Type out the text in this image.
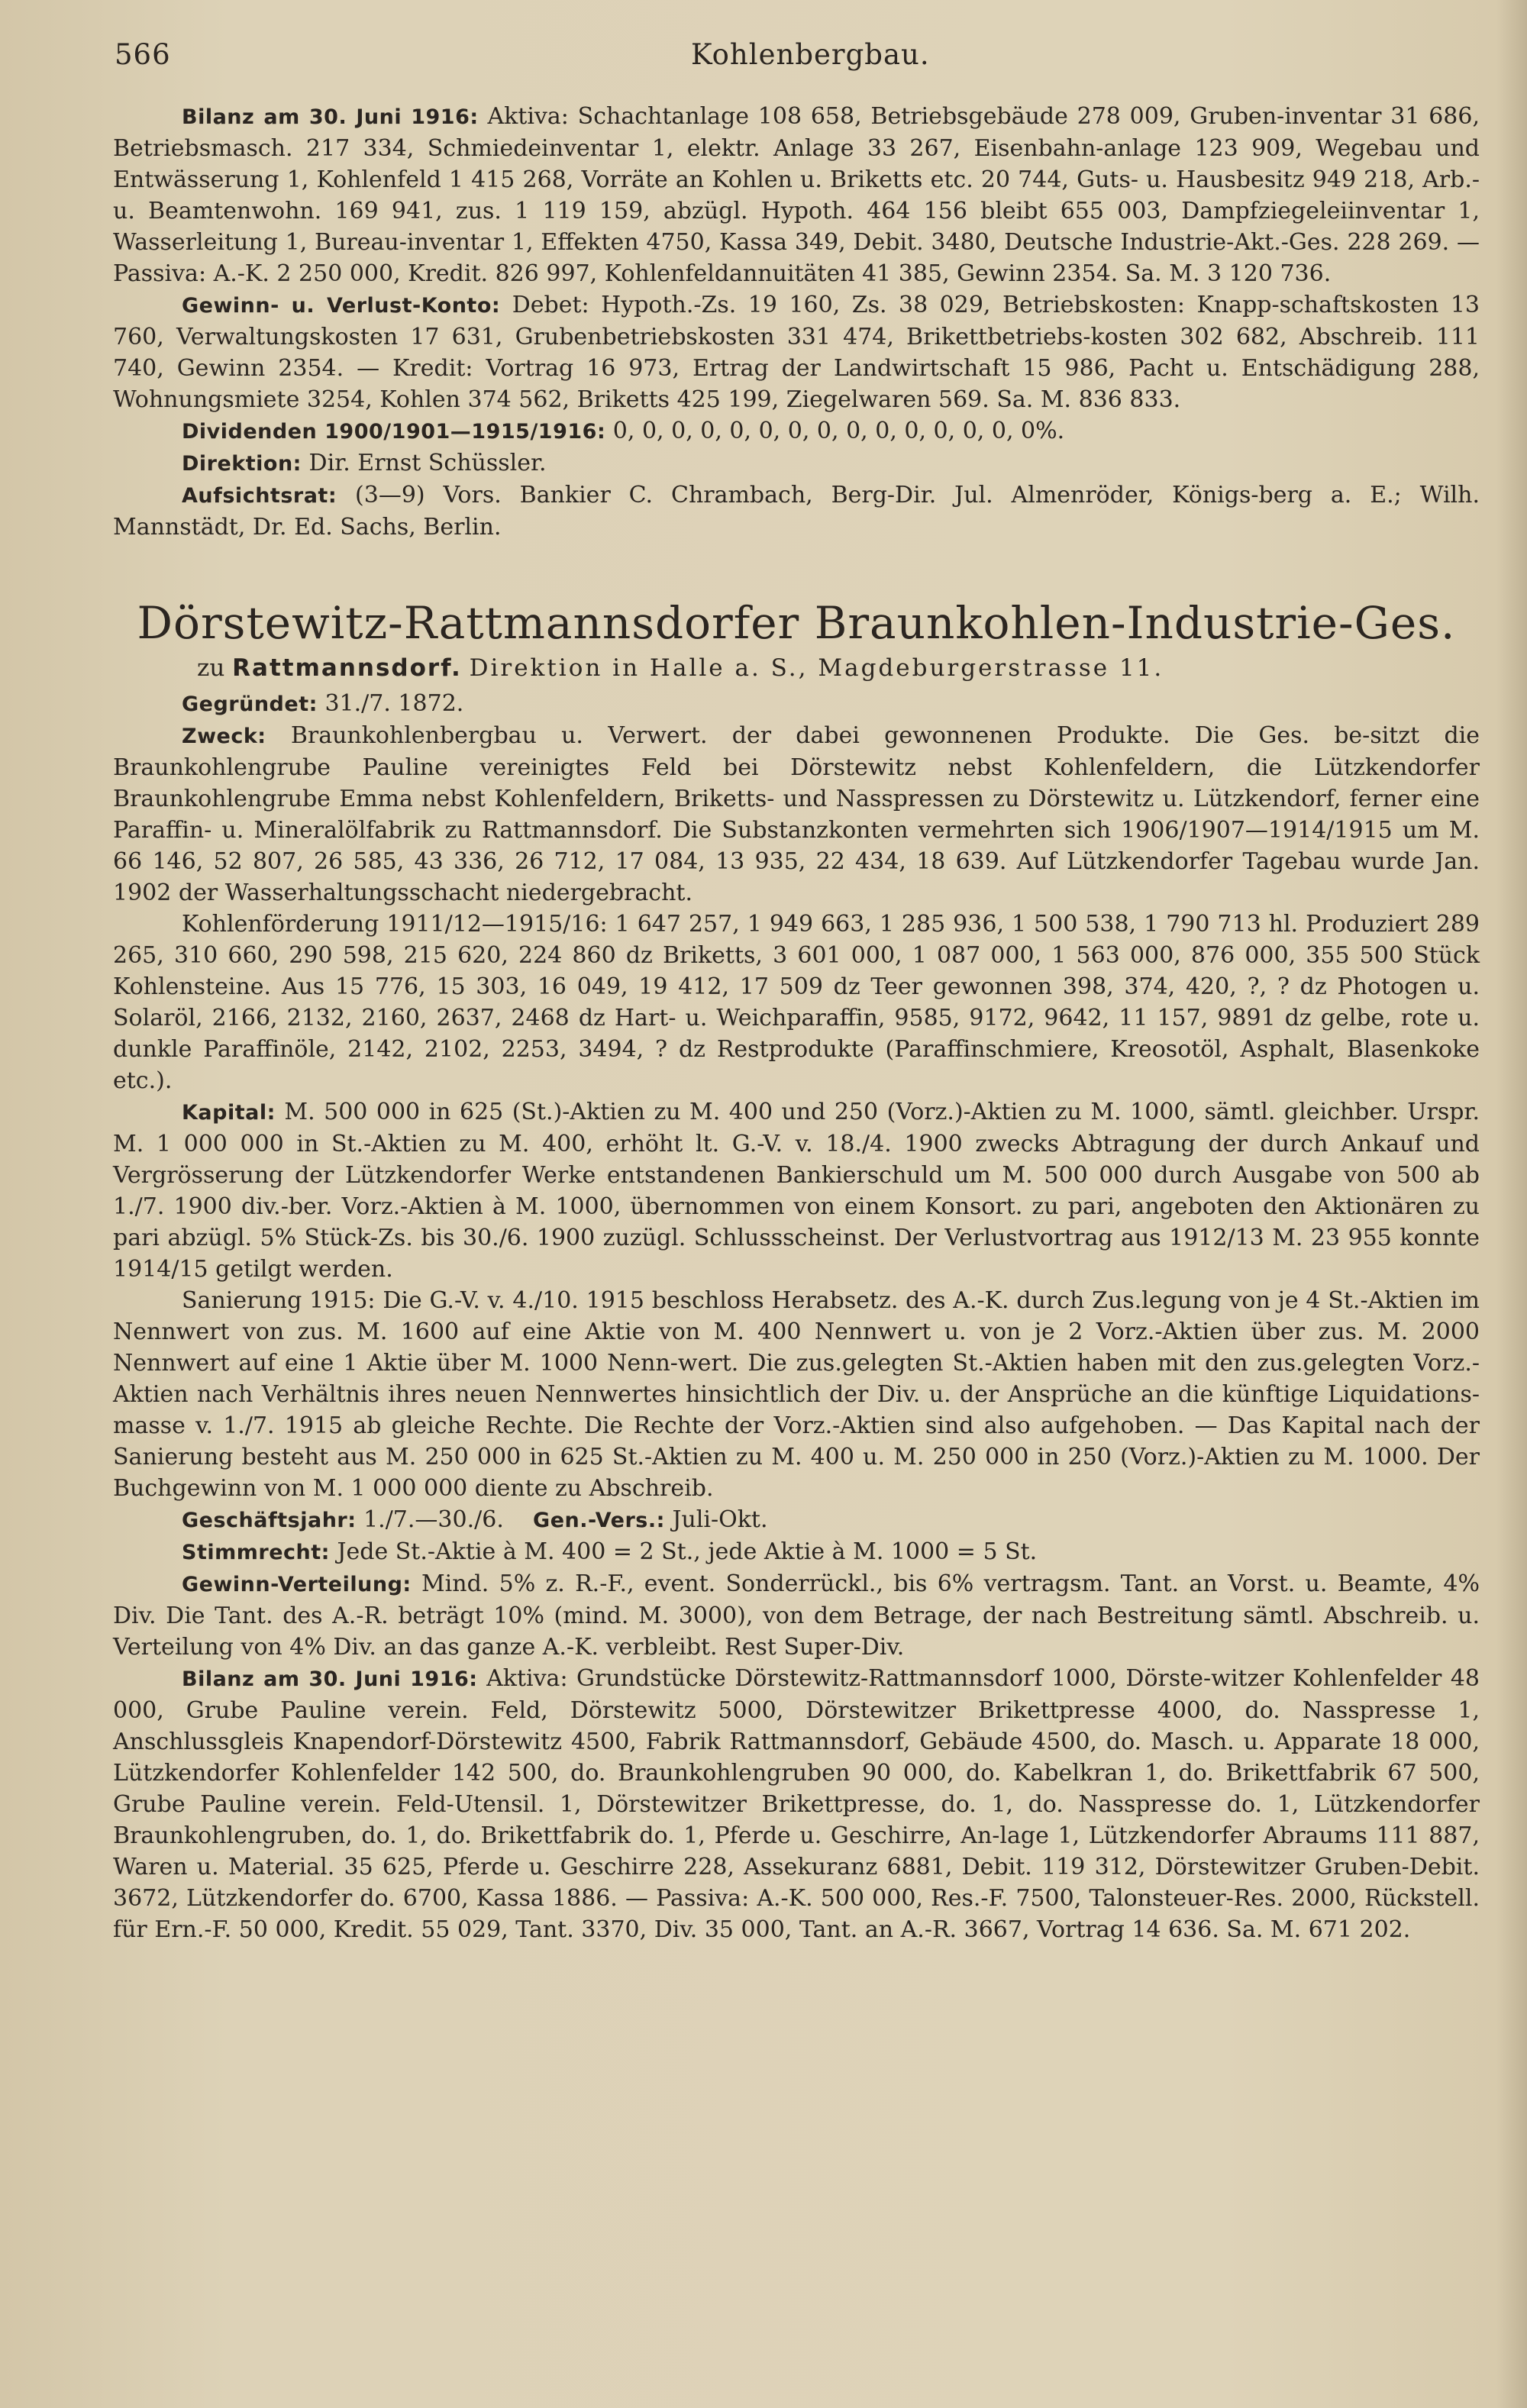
566	Kohlenbergbau.

Bilanz am 30. Juni 1916: Aktiva: Schachtanlage 108 658, Betriebsgebäude 278 009, Gruben-inventar 31 686, Betriebsmasch. 217 334, Schmiedeinventar 1, elektr. Anlage 33 267, Eisenbahn-anlage 123 909, Wegebau und Entwässerung 1, Kohlenfeld 1 415 268, Vorräte an Kohlen u. Briketts etc. 20 744, Guts- u. Hausbesitz 949 218, Arb.- u. Beamtenwohn. 169 941, zus. 1 119 159, abzügl. Hypoth. 464 156 bleibt 655 003, Dampfziegeleiinventar 1, Wasserleitung 1, Bureau-inventar 1, Effekten 4750, Kassa 349, Debit. 3480, Deutsche Industrie-Akt.-Ges. 228 269. — Passiva: A.-K. 2 250 000, Kredit. 826 997, Kohlenfeldannuitäten 41 385, Gewinn 2354. Sa. M. 3 120 736.

Gewinn- u. Verlust-Konto: Debet: Hypoth.-Zs. 19 160, Zs. 38 029, Betriebskosten: Knapp-schaftskosten 13 760, Verwaltungskosten 17 631, Grubenbetriebskosten 331 474, Brikettbetriebs-kosten 302 682, Abschreib. 111 740, Gewinn 2354. — Kredit: Vortrag 16 973, Ertrag der Landwirtschaft 15 986, Pacht u. Entschädigung 288, Wohnungsmiete 3254, Kohlen 374 562, Briketts 425 199, Ziegelwaren 569. Sa. M. 836 833.

Dividenden 1900/1901—1915/1916: 0, 0, 0, 0, 0, 0, 0, 0, 0, 0, 0, 0, 0, 0, 0%.

Direktion: Dir. Ernst Schüssler.

Aufsichtsrat: (3—9) Vors. Bankier C. Chrambach, Berg-Dir. Jul. Almenröder, Königs-berg a. E.; Wilh. Mannstädt, Dr. Ed. Sachs, Berlin.

Dörstewitz-Rattmannsdorfer Braunkohlen-Industrie-Ges.
zu Rattmannsdorf. Direktion in Halle a. S., Magdeburgerstrasse 11.

Gegründet: 31./7. 1872.

Zweck: Braunkohlenbergbau u. Verwert. der dabei gewonnenen Produkte. Die Ges. be-sitzt die Braunkohlengrube Pauline vereinigtes Feld bei Dörstewitz nebst Kohlenfeldern, die Lützkendorfer Braunkohlengrube Emma nebst Kohlenfeldern, Briketts- und Nasspressen zu Dörstewitz u. Lützkendorf, ferner eine Paraffin- u. Mineralölfabrik zu Rattmannsdorf. Die Substanzkonten vermehrten sich 1906/1907—1914/1915 um M. 66 146, 52 807, 26 585, 43 336, 26 712, 17 084, 13 935, 22 434, 18 639. Auf Lützkendorfer Tagebau wurde Jan. 1902 der Wasserhaltungsschacht niedergebracht.

Kohlenförderung 1911/12—1915/16: 1 647 257, 1 949 663, 1 285 936, 1 500 538, 1 790 713 hl. Produziert 289 265, 310 660, 290 598, 215 620, 224 860 dz Briketts, 3 601 000, 1 087 000, 1 563 000, 876 000, 355 500 Stück Kohlensteine. Aus 15 776, 15 303, 16 049, 19 412, 17 509 dz Teer gewonnen 398, 374, 420, ?, ? dz Photogen u. Solaröl, 2166, 2132, 2160, 2637, 2468 dz Hart- u. Weichparaffin, 9585, 9172, 9642, 11 157, 9891 dz gelbe, rote u. dunkle Paraffinöle, 2142, 2102, 2253, 3494, ? dz Restprodukte (Paraffinschmiere, Kreosotöl, Asphalt, Blasenkoke etc.).

Kapital: M. 500 000 in 625 (St.)-Aktien zu M. 400 und 250 (Vorz.)-Aktien zu M. 1000, sämtl. gleichber. Urspr. M. 1 000 000 in St.-Aktien zu M. 400, erhöht lt. G.-V. v. 18./4. 1900 zwecks Abtragung der durch Ankauf und Vergrösserung der Lützkendorfer Werke entstandenen Bankierschuld um M. 500 000 durch Ausgabe von 500 ab 1./7. 1900 div.-ber. Vorz.-Aktien à M. 1000, übernommen von einem Konsort. zu pari, angeboten den Aktionären zu pari abzügl. 5% Stück-Zs. bis 30./6. 1900 zuzügl. Schlussscheinst. Der Verlustvortrag aus 1912/13 M. 23 955 konnte 1914/15 getilgt werden.

Sanierung 1915: Die G.-V. v. 4./10. 1915 beschloss Herabsetz. des A.-K. durch Zus.legung von je 4 St.-Aktien im Nennwert von zus. M. 1600 auf eine Aktie von M. 400 Nennwert u. von je 2 Vorz.-Aktien über zus. M. 2000 Nennwert auf eine 1 Aktie über M. 1000 Nenn-wert. Die zus.gelegten St.-Aktien haben mit den zus.gelegten Vorz.-Aktien nach Verhältnis ihres neuen Nennwertes hinsichtlich der Div. u. der Ansprüche an die künftige Liquidations-masse v. 1./7. 1915 ab gleiche Rechte. Die Rechte der Vorz.-Aktien sind also aufgehoben. — Das Kapital nach der Sanierung besteht aus M. 250 000 in 625 St.-Aktien zu M. 400 u. M. 250 000 in 250 (Vorz.)-Aktien zu M. 1000. Der Buchgewinn von M. 1 000 000 diente zu Abschreib.

Geschäftsjahr: 1./7.—30./6. Gen.-Vers.: Juli-Okt.

Stimmrecht: Jede St.-Aktie à M. 400 = 2 St., jede Aktie à M. 1000 = 5 St.

Gewinn-Verteilung: Mind. 5% z. R.-F., event. Sonderrückl., bis 6% vertragsm. Tant. an Vorst. u. Beamte, 4% Div. Die Tant. des A.-R. beträgt 10% (mind. M. 3000), von dem Betrage, der nach Bestreitung sämtl. Abschreib. u. Verteilung von 4% Div. an das ganze A.-K. verbleibt. Rest Super-Div.

Bilanz am 30. Juni 1916: Aktiva: Grundstücke Dörstewitz-Rattmannsdorf 1000, Dörste-witzer Kohlenfelder 48 000, Grube Pauline verein. Feld, Dörstewitz 5000, Dörstewitzer Brikettpresse 4000, do. Nasspresse 1, Anschlussgleis Knapendorf-Dörstewitz 4500, Fabrik Rattmannsdorf, Gebäude 4500, do. Masch. u. Apparate 18 000, Lützkendorfer Kohlenfelder 142 500, do. Braunkohlengruben 90 000, do. Kabelkran 1, do. Brikettfabrik 67 500, Grube Pauline verein. Feld-Utensil. 1, Dörstewitzer Brikettpresse, do. 1, do. Nasspresse do. 1, Lützkendorfer Braunkohlengruben, do. 1, do. Brikettfabrik do. 1, Pferde u. Geschirre, An-lage 1, Lützkendorfer Abraums 111 887, Waren u. Material. 35 625, Pferde u. Geschirre 228, Assekuranz 6881, Debit. 119 312, Dörstewitzer Gruben-Debit. 3672, Lützkendorfer do. 6700, Kassa 1886. — Passiva: A.-K. 500 000, Res.-F. 7500, Talonsteuer-Res. 2000, Rückstell. für Ern.-F. 50 000, Kredit. 55 029, Tant. 3370, Div. 35 000, Tant. an A.-R. 3667, Vortrag 14 636. Sa. M. 671 202.
